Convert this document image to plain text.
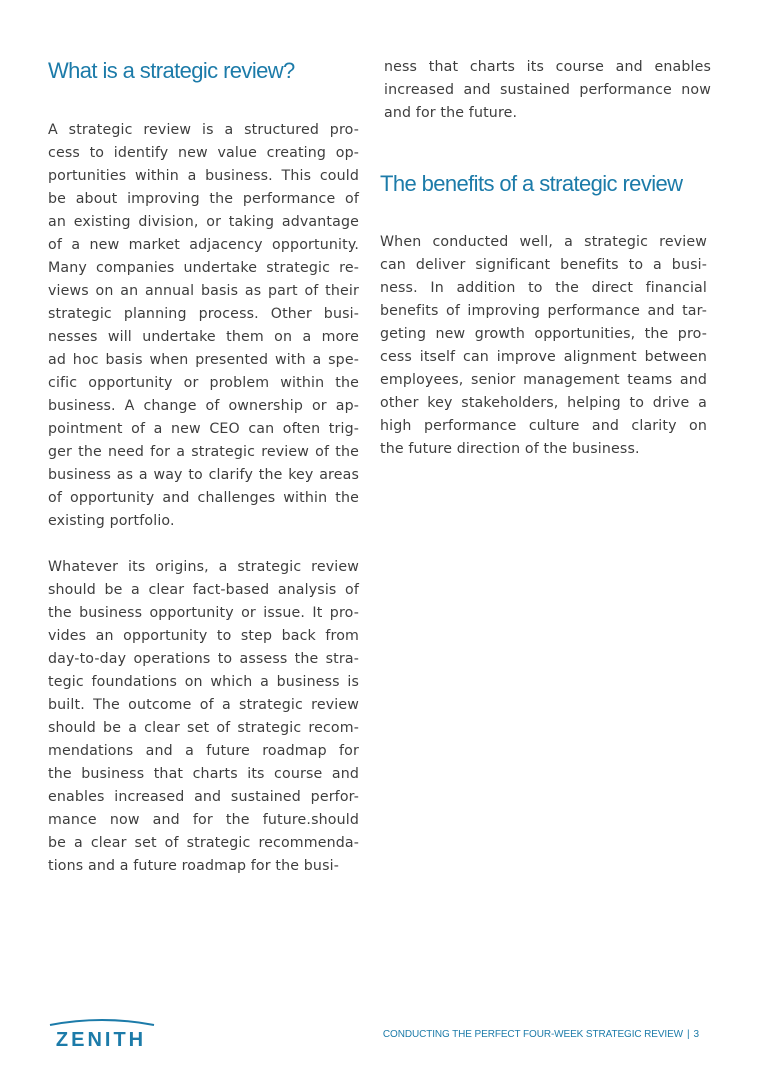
What is a strategic review?

A strategic review is a structured pro-
cess to identify new value creating op-
portunities within a business. This could
be about improving the performance of
an existing division, or taking advantage
of a new market adjacency opportunity.
Many companies undertake strategic re-
views on an annual basis as part of their
strategic planning process. Other busi-
nesses will undertake them on a more
ad hoc basis when presented with a spe-
cific opportunity or problem within the
business. A change of ownership or ap-
pointment of a new CEO can often trig-
ger the need for a strategic review of the
business as a way to clarify the key areas
of opportunity and challenges within the
existing portfolio.

Whatever its origins, a strategic review
should be a clear fact-based analysis of
the business opportunity or issue. It pro-
vides an opportunity to step back from
day-to-day operations to assess the stra-
tegic foundations on which a business is
built. The outcome of a strategic review
should be a clear set of strategic recom-
mendations and a future roadmap for
the business that charts its course and
enables increased and sustained perfor-
mance now and for the future.should
be a clear set of strategic recommenda-
tions and a future roadmap for the busi-

ness that charts its course and enables
increased and sustained performance now
and for the future.

The benefits of a strategic review

When conducted well, a strategic review
can deliver significant benefits to a busi-
ness. In addition to the direct financial
benefits of improving performance and tar-
geting new growth opportunities, the pro-
cess itself can improve alignment between
employees, senior management teams and
other key stakeholders, helping to drive a
high performance culture and clarity on
the future direction of the business.

ZENITH	CONDUCTING THE PERFECT FOUR-WEEK STRATEGIC REVIEW | 3
